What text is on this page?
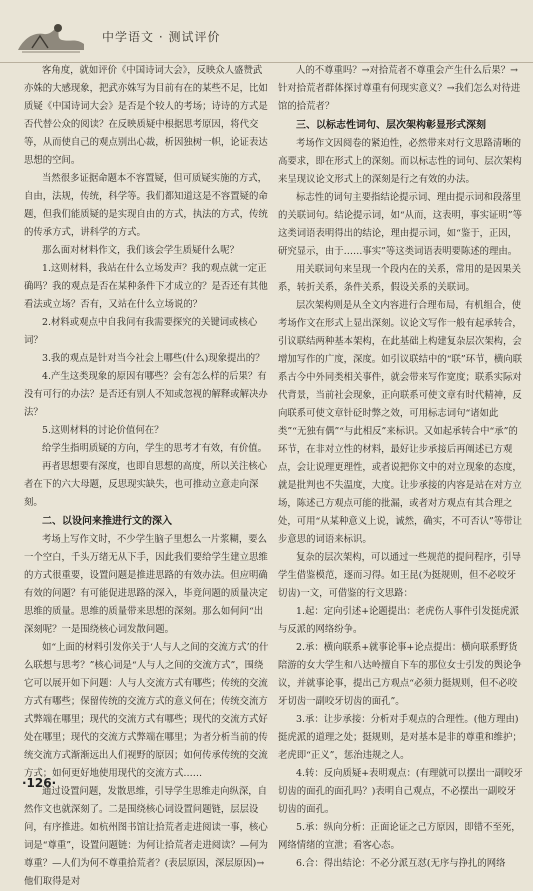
中学语文 · 测试评价

客角度，就如评价《中国诗词大会》，反映众人盛赞武亦姝的大感现象，把武亦姝写为目前有在的某些不足，比如质疑《中国诗词大会》是否是个较人的考场；诗诗的方式是否代替公众的阅读？在反映质疑中根据思考原因，将代交等，从而使自己的观点别出心裁，析因独树一帜，论证表达思想的空间。

当然很多证据命题本不容置疑，但可质疑实施的方式，自由，法规，传统，科学等。我们都知道这是不容置疑的命题，但我们能质疑的是实现自由的方式，执法的方式，传统的传承方式，讲科学的方式。

那么面对材料作文，我们该会学生质疑什么呢？

1.这则材料，我站在什么立场发声？我的观点就一定正确吗？我的观点是否在某种条件下才成立的？是否还有其他看法或立场？否有，又站在什么立场说的？

2.材料或观点中自我问有我需要探究的关键词或核心词？

3.我的观点是针对当今社会上哪些(什么)现象提出的？

4.产生这类现象的原因有哪些？会有怎么样的后果？有没有可行的办法？是否还有别人不知或忽视的解释或解决办法？

5.这则材料的讨论价值何在？

给学生指明质疑的方向，学生的思考才有效，有价值。

再者思想要有深度，也即自思想的高度，所以关注核心者在下的六大母题，反思现实缺失，也可推动立意走向深刻。

二、以设问来推进行文的深入

考场上写作文时，不少学生脑子里想么一片浆糊，要么一个空白，千头万绪无从下手，因此我们要给学生建立思维的方式很重要，设置问题是推进思路的有效办法。但应明确有效的问题？有可能促进思路的深入，毕竟问题的质量决定思维的质量。思维的质量带来思想的深刻。那么如何问“出深刻呢？一是围绕核心词发散问题。

如“上面的材料引发你关于‘人与人之间的交流方式’的什么联想与思考？”核心词是“人与人之间的交流方式”，围绕它可以展开如下问题：人与人交流方式有哪些；传统的交流方式有哪些；保留传统的交流方式的意义何在；传统交流方式弊端在哪里；现代的交流方式有哪些；现代的交流方式好处在哪里；现代的交流方式弊端在哪里；为者分析当前的传统交流方式渐渐远出人们视野的原因；如何传承传统的交流方式；如何更好地使用现代的交流方式……

通过设置问题，发散思维，引导学生思维走向纵深，自然作文也就深刻了。二是围绕核心词设置问题链，层层设问，有序推进。如杭州图书馆让拾荒者走进阅读一事，核心词是“尊重”，设置问题链：为何让拾荒者走进阅读？—何为尊重？—人们为何不尊重拾荒者？(表层原因，深层原因)→他们取得是对

人的不尊重吗？→对拾荒者不尊重会产生什么后果？→针对拾荒者群体探讨尊重有何现实意义？→我们怎么对待进馆的拾荒者？

三、以标志性词句、层次架构彰显形式深刻

考场作文因阅卷的紧迫性，必然带来对行文思路清晰的高要求，即在形式上的深刻。而以标志性的词句、层次架构来呈现议论文形式上的深刻是行之有效的办法。

标志性的词句主要指结论提示词、理由提示词和段落里的关联词句。结论提示词，如“从而，这表明，事实证明”等这类词语表明得出的结论，理由提示词，如“鉴于，正因，研究显示，由于……事实”等这类词语表明要陈述的理由。

用关联词句来呈现一个段内在的关系，常用的是因果关系，转折关系，条件关系，假设关系的关联词。

层次架构则是从全文内容进行合理布局，有机组合，使考场作文在形式上显出深刻。议论文写作一般有起承转合，引议联结两种基本架构，在此基础上构建复杂层次架构，会增加写作的广度，深度。如引议联结中的“联”环节，横向联系古今中外同类相关事件，就会带来写作宽度；联系实际对代背景，当前社会现象，正向联系可使文章有时代精神，反向联系可使文章针砭时弊之效，可用标志词句“诸如此类”“无独有偶”“与此相反”来标识。又如起承转合中“承”的环节，在非对立性的材料，最好让步承接后再阐述已方观点，会让说理更理性，或者说把你文中的对立现象的态度，就是批判也不失温度，大度。让步承接的内容是站在对方立场，陈述己方观点可能的批漏，或者对方观点有其合理之处，可用“从某种意义上说，诚然，确实，不可否认”等带让步意思的词语来标识。

复杂的层次架构，可以通过一些规范的提问程序，引导学生借鉴模范，逐而习得。如王昆(为挺规则，但不必咬牙切齿)一文，可借鉴的行文思路：

1.起：定向引述+论题提出：老虎伤人事件引发挺虎派与反派的网络纷争。

2.承：横向联系+就事论事+论点提出：横向联系野货陪游的女大学生和八达岭擅自下车的那位女士引发的舆论争议，并就事论事，提出己方观点“必须力挺规则，但不必咬牙切齿一副咬牙切齿的面孔”。

3.承：让步承接：分析对手观点的合理性。(他方理由)挺虎派的道理之处；挺规则，是对基本是非的尊重和维护；老虎即“正义”，惩治违规之人。

4.转：反向质疑+表明观点：(有理就可以摆出一副咬牙切齿的面孔的面孔吗？)表明自己观点，不必摆出一副咬牙切齿的面孔。

5.承：纵向分析：正面论证之己方原因，即错不至死，网络情绪的宣泄；看客心态。

6.合：得出结论：不必分派互怼(无序与挣扎的网络

·126·
